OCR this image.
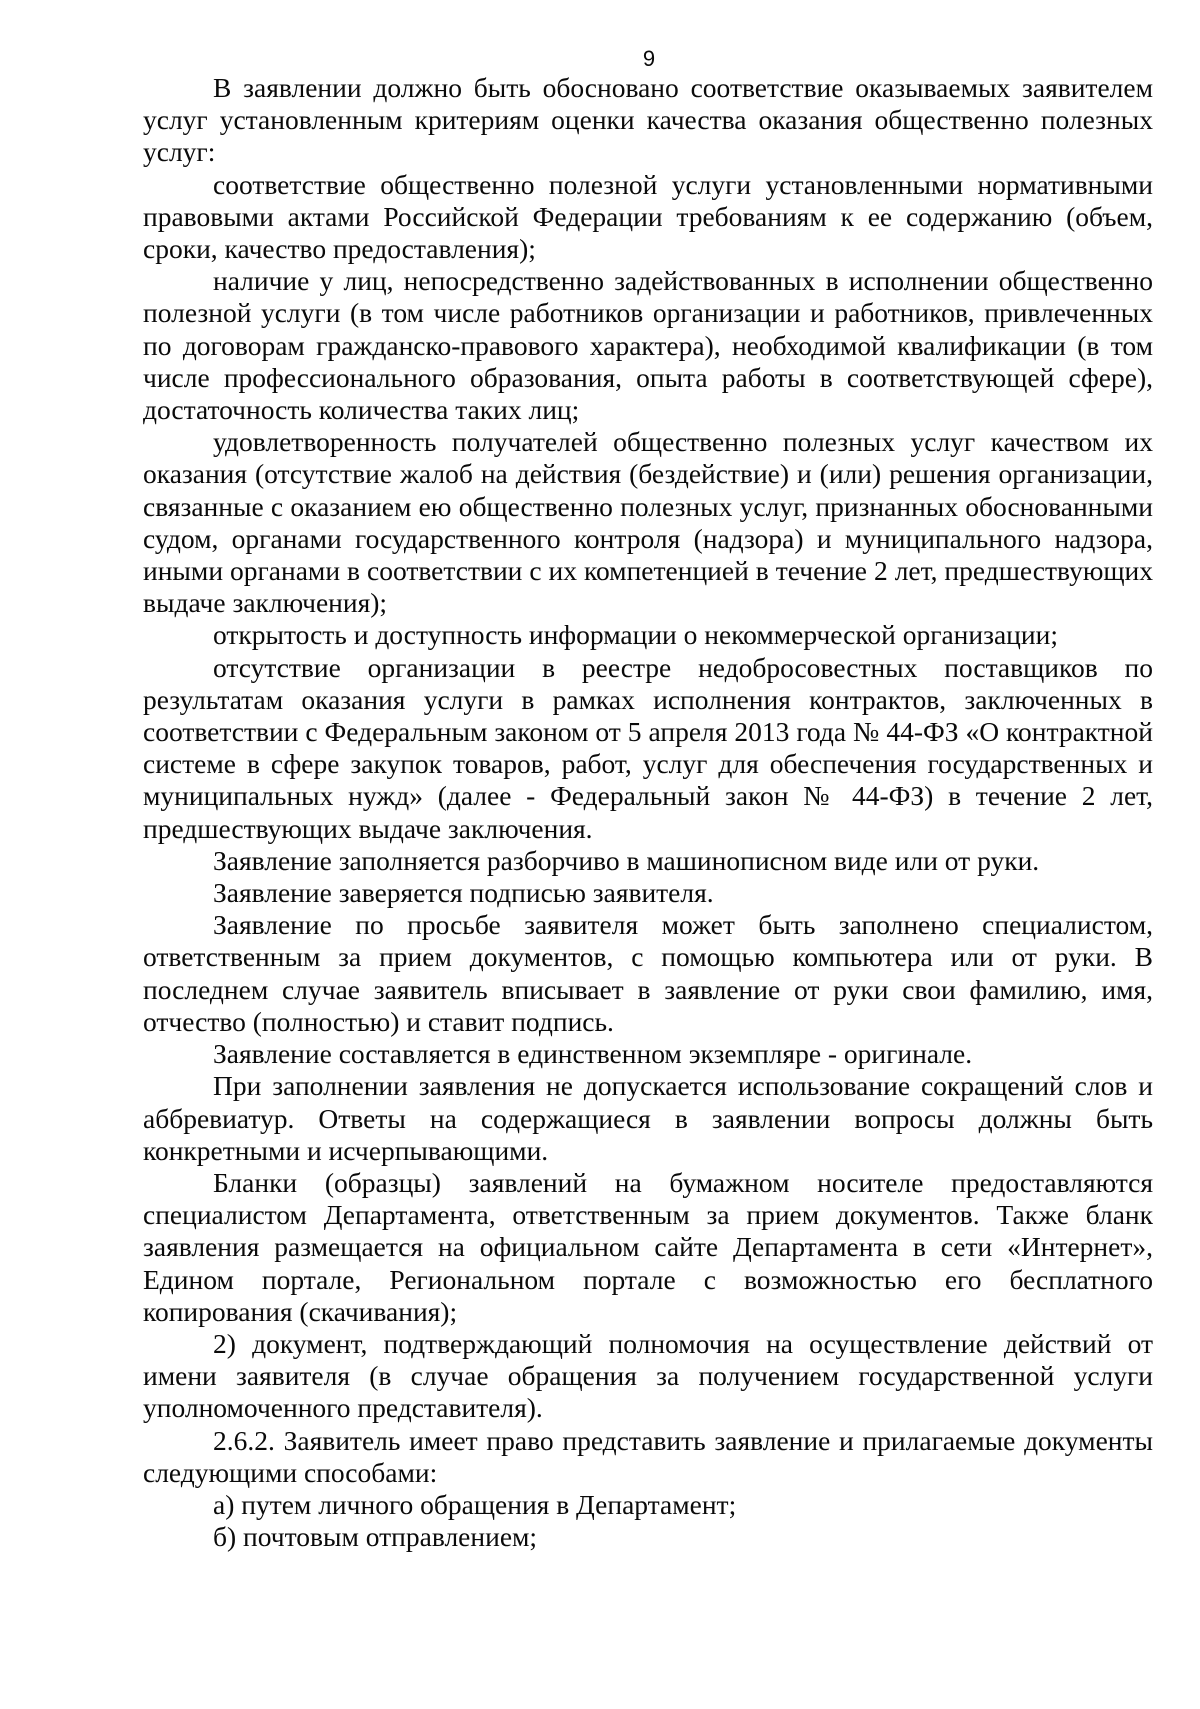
9

В заявлении должно быть обосновано соответствие оказываемых заявителем услуг установленным критериям оценки качества оказания общественно полезных услуг:

соответствие общественно полезной услуги установленными нормативными правовыми актами Российской Федерации требованиям к ее содержанию (объем, сроки, качество предоставления);

наличие у лиц, непосредственно задействованных в исполнении общественно полезной услуги (в том числе работников организации и работников, привлеченных по договорам гражданско-правового характера), необходимой квалификации (в том числе профессионального образования, опыта работы в соответствующей сфере), достаточность количества таких лиц;

удовлетворенность получателей общественно полезных услуг качеством их оказания (отсутствие жалоб на действия (бездействие) и (или) решения организации, связанные с оказанием ею общественно полезных услуг, признанных обоснованными судом, органами государственного контроля (надзора) и муниципального надзора, иными органами в соответствии с их компетенцией в течение 2 лет, предшествующих выдаче заключения);

открытость и доступность информации о некоммерческой организации;

отсутствие организации в реестре недобросовестных поставщиков по результатам оказания услуги в рамках исполнения контрактов, заключенных в соответствии с Федеральным законом от 5 апреля 2013 года № 44-ФЗ «О контрактной системе в сфере закупок товаров, работ, услуг для обеспечения государственных и муниципальных нужд» (далее - Федеральный закон № 44-ФЗ) в течение 2 лет, предшествующих выдаче заключения.

Заявление заполняется разборчиво в машинописном виде или от руки.

Заявление заверяется подписью заявителя.

Заявление по просьбе заявителя может быть заполнено специалистом, ответственным за прием документов, с помощью компьютера или от руки. В последнем случае заявитель вписывает в заявление от руки свои фамилию, имя, отчество (полностью) и ставит подпись.

Заявление составляется в единственном экземпляре - оригинале.

При заполнении заявления не допускается использование сокращений слов и аббревиатур. Ответы на содержащиеся в заявлении вопросы должны быть конкретными и исчерпывающими.

Бланки (образцы) заявлений на бумажном носителе предоставляются специалистом Департамента, ответственным за прием документов. Также бланк заявления размещается на официальном сайте Департамента в сети «Интернет», Едином портале, Региональном портале с возможностью его бесплатного копирования (скачивания);

2) документ, подтверждающий полномочия на осуществление действий от имени заявителя (в случае обращения за получением государственной услуги уполномоченного представителя).

2.6.2. Заявитель имеет право представить заявление и прилагаемые документы следующими способами:

а) путем личного обращения в Департамент;

б) почтовым отправлением;
